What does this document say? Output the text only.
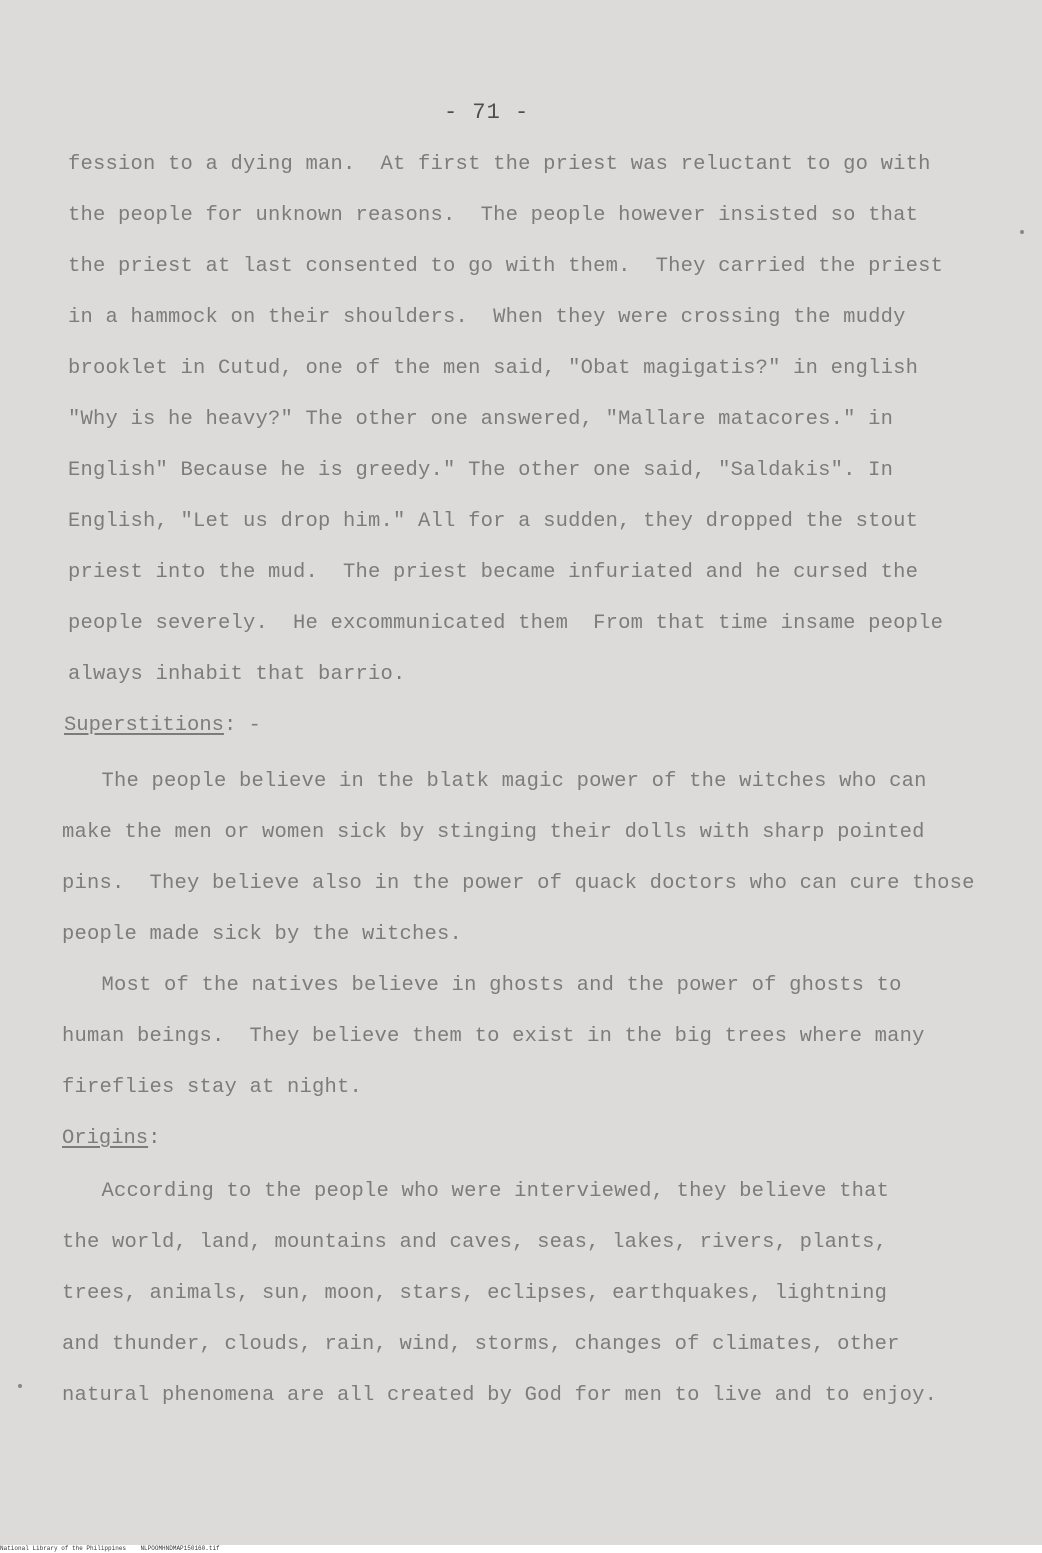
- 71 -
fession to a dying man.  At first the priest was reluctant to go with
the people for unknown reasons.  The people however insisted so that
the priest at last consented to go with them.  They carried the priest
in a hammock on their shoulders.  When they were crossing the muddy
brooklet in Cutud, one of the men said, "Obat magigatis?" in english
"Why is he heavy?" The other one answered, "Mallare matacores." in
English" Because he is greedy." The other one said, "Saldakis". In
English, "Let us drop him." All for a sudden, they dropped the stout
priest into the mud.  The priest became infuriated and he cursed the
people severely.  He excommunicated them  From that time insame people
always inhabit that barrio.
Superstitions: -
The people believe in the blatk magic power of the witches who can
make the men or women sick by stinging their dolls with sharp pointed
pins.  They believe also in the power of quack doctors who can cure those
people made sick by the witches.
Most of the natives believe in ghosts and the power of ghosts to
human beings.  They believe them to exist in the big trees where many
fireflies stay at night.
Origins:
According to the people who were interviewed, they believe that
the world, land, mountains and caves, seas, lakes, rivers, plants,
trees, animals, sun, moon, stars, eclipses, earthquakes, lightning
and thunder, clouds, rain, wind, storms, changes of climates, other
natural phenomena are all created by God for men to live and to enjoy.
National Library of the Philippines NLPOOMHNDMAP150160.tif
